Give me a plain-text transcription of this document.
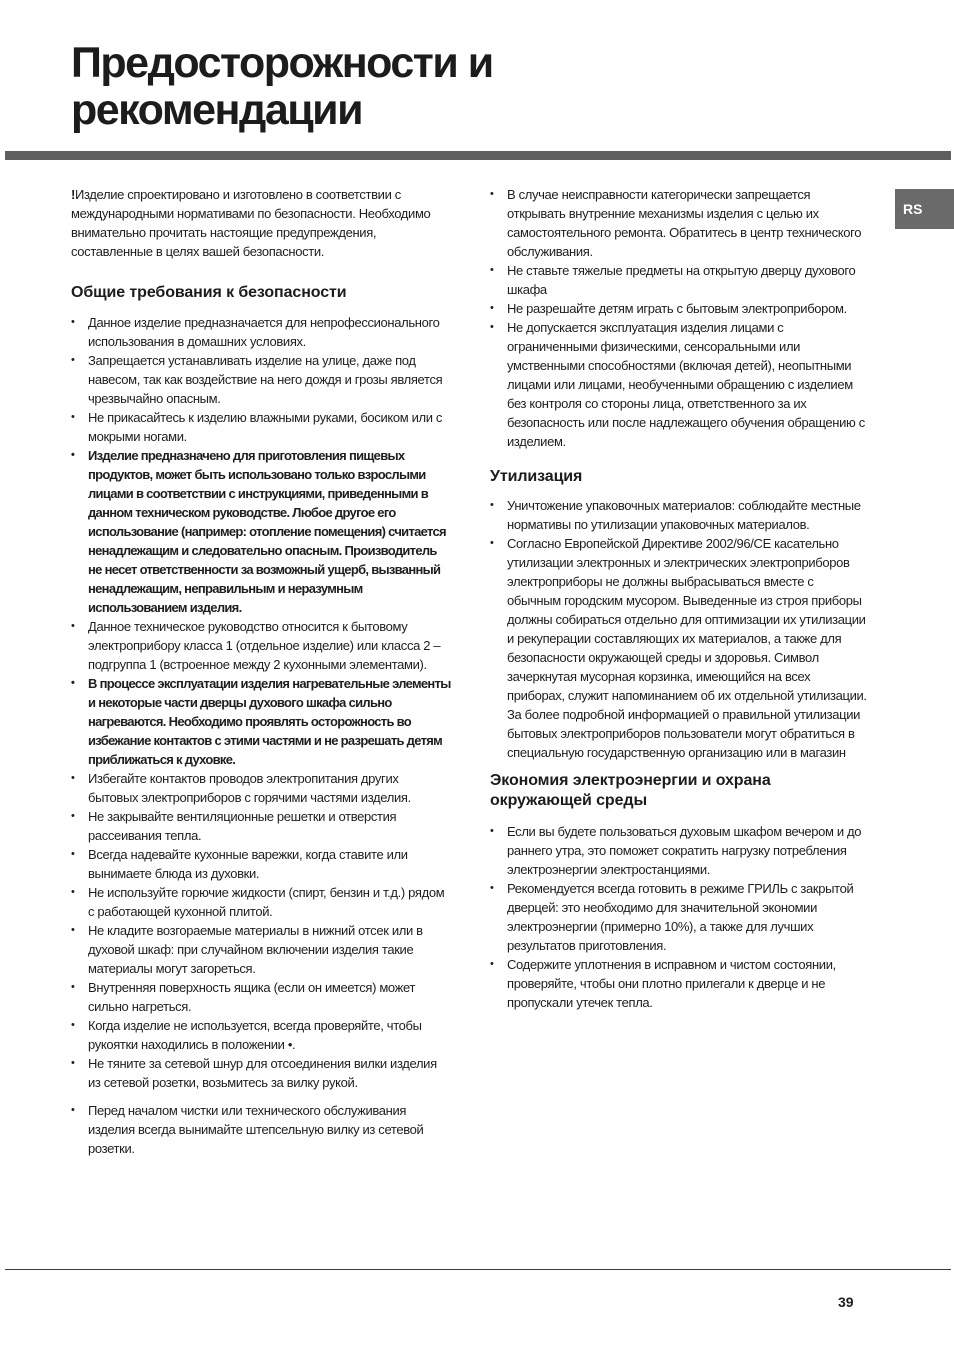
Предосторожности и
рекомендации
RS

!Изделие спроектировано и изготовлено в соответствии с международными нормативами по безопасности. Необходимо внимательно прочитать настоящие предупреждения, составленные в целях вашей безопасности.

Общие требования к безопасности
• Данное изделие предназначается для непрофессионального использования в домашних условиях.
• Запрещается устанавливать изделие на улице, даже под навесом, так как воздействие на него дождя и грозы является чрезвычайно опасным.
• Не прикасайтесь к изделию влажными руками, босиком или с мокрыми ногами.
• Изделие предназначено для приготовления пищевых продуктов, может быть использовано только взрослыми лицами в соответствии с инструкциями, приведенными в данном техническом руководстве. Любое другое его использование (например: отопление помещения) считается ненадлежащим и следовательно опасным. Производитель не несет ответственности за возможный ущерб, вызванный ненадлежащим, неправильным и неразумным использованием изделия.
• Данное техническое руководство относится к бытовому электроприбору класса 1 (отдельное изделие) или класса 2 – подгруппа 1 (встроенное между 2 кухонными элементами).
• В процессе эксплуатации изделия нагревательные элементы и некоторые части дверцы духового шкафа сильно нагреваются. Необходимо проявлять осторожность во избежание контактов с этими частями и не разрешать детям приближаться к духовке.
• Избегайте контактов проводов электропитания других бытовых электроприборов с горячими частями изделия.
• Не закрывайте вентиляционные решетки и отверстия рассеивания тепла.
• Всегда надевайте кухонные варежки, когда ставите или вынимаете блюда из духовки.
• Не используйте горючие жидкости (спирт, бензин и т.д.) рядом с работающей кухонной плитой.
• Не кладите возгораемые материалы в нижний отсек или в духовой шкаф: при случайном включении изделия такие материалы могут загореться.
• Внутренняя поверхность ящика (если он имеется) может сильно нагреться.
• Когда изделие не используется, всегда проверяйте, чтобы рукоятки находились в положении •.
• Не тяните за сетевой шнур для отсоединения вилки изделия из сетевой розетки, возьмитесь за вилку рукой.
• Перед началом чистки или технического обслуживания изделия всегда вынимайте штепсельную вилку из сетевой розетки.
• В случае неисправности категорически запрещается открывать внутренние механизмы изделия с целью их самостоятельного ремонта. Обратитесь в центр технического обслуживания.
• Не ставьте тяжелые предметы на открытую дверцу духового шкафа
• Не разрешайте детям играть с бытовым электроприбором.
• Не допускается эксплуатация изделия лицами с ограниченными физическими, сенсоральными или умственными способностями (включая детей), неопытными лицами или лицами, необученными обращению с изделием без контроля со стороны лица, ответственного за их безопасность или после надлежащего обучения обращению с изделием.
Утилизация
• Уничтожение упаковочных материалов: соблюдайте местные нормативы по утилизации упаковочных материалов.
• Согласно Европейской Директиве 2002/96/CE касательно утилизации электронных и электрических электроприборов электроприборы не должны выбрасываться вместе с обычным городским мусором. Выведенные из строя приборы должны собираться отдельно для оптимизации их утилизации и рекуперации составляющих их материалов, а также для безопасности окружающей среды и здоровья. Символ зачеркнутая мусорная корзинка, имеющийся на всех приборах, служит напоминанием об их отдельной утилизации. За более подробной информацией о правильной утилизации бытовых электроприборов пользователи могут обратиться в специальную государственную организацию или в магазин
Экономия электроэнергии и охрана
окружающей среды
• Если вы будете пользоваться духовым шкафом вечером и до раннего утра, это поможет сократить нагрузку потребления электроэнергии электростанциями.
• Рекомендуется всегда готовить в режиме ГРИЛЬ с закрытой дверцей: это необходимо для значительной экономии электроэнергии (примерно 10%), а также для лучших результатов приготовления.
• Содержите уплотнения в исправном и чистом состоянии, проверяйте, чтобы они плотно прилегали к дверце и не пропускали утечек тепла.
39
